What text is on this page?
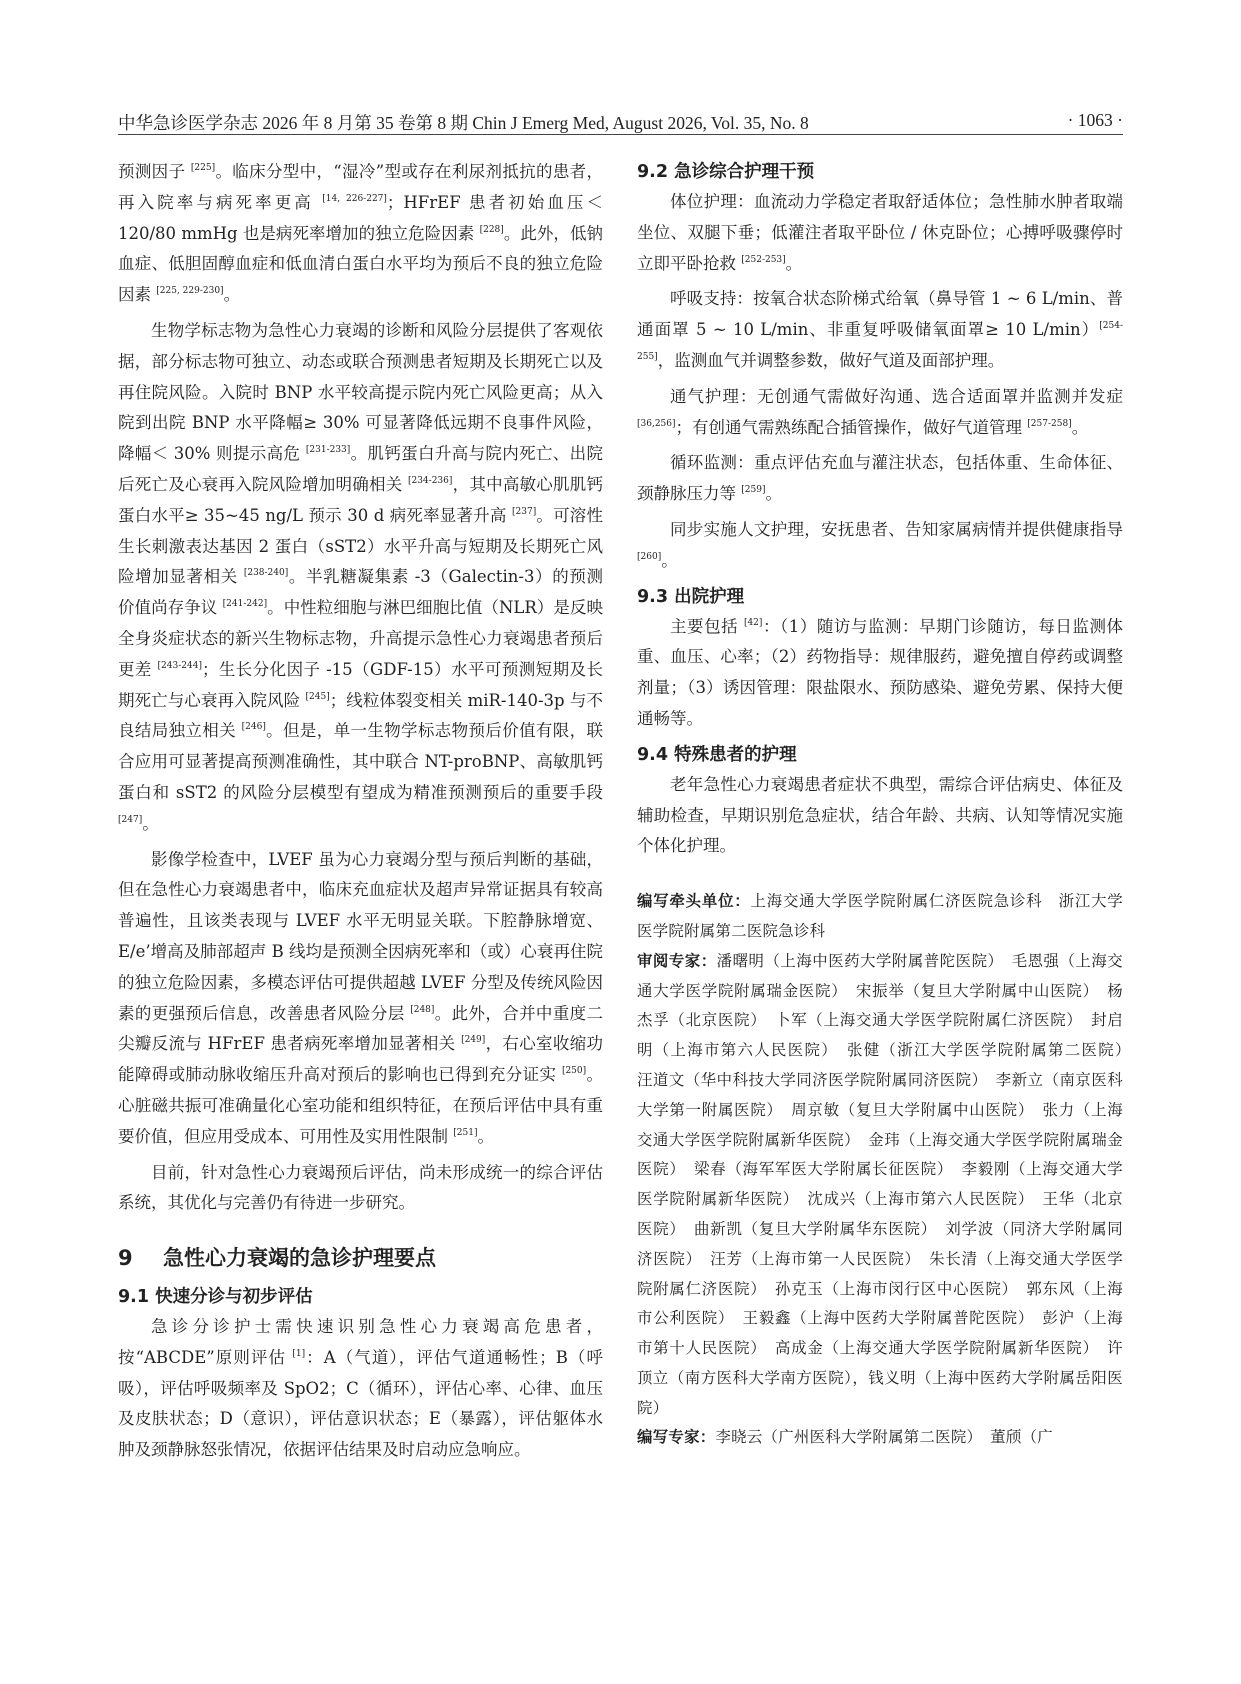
中华急诊医学杂志 2026 年 8 月第 35 卷第 8 期 Chin J Emerg Med, August 2026, Vol. 35, No. 8	· 1063 ·

预测因子 [225]。临床分型中，“湿冷”型或存在利尿剂抵抗的患者，再入院率与病死率更高 [14, 226-227]；HFrEF 患者初始血压＜ 120/80 mmHg 也是病死率增加的独立危险因素 [228]。此外，低钠血症、低胆固醇血症和低血清白蛋白水平均为预后不良的独立危险因素 [225, 229-230]。

生物学标志物为急性心力衰竭的诊断和风险分层提供了客观依据，部分标志物可独立、动态或联合预测患者短期及长期死亡以及再住院风险。入院时 BNP 水平较高提示院内死亡风险更高；从入院到出院 BNP 水平降幅≥ 30% 可显著降低远期不良事件风险，降幅＜ 30% 则提示高危 [231-233]。肌钙蛋白升高与院内死亡、出院后死亡及心衰再入院风险增加明确相关 [234-236]，其中高敏心肌肌钙蛋白水平≥ 35~45 ng/L 预示 30 d 病死率显著升高 [237]。可溶性生长刺激表达基因 2 蛋白（sST2）水平升高与短期及长期死亡风险增加显著相关 [238-240]。半乳糖凝集素 -3（Galectin-3）的预测价值尚存争议 [241-242]。中性粒细胞与淋巴细胞比值（NLR）是反映全身炎症状态的新兴生物标志物，升高提示急性心力衰竭患者预后更差 [243-244]；生长分化因子 -15（GDF-15）水平可预测短期及长期死亡与心衰再入院风险 [245]；线粒体裂变相关 miR-140-3p 与不良结局独立相关 [246]。但是，单一生物学标志物预后价值有限，联合应用可显著提高预测准确性，其中联合 NT-proBNP、高敏肌钙蛋白和 sST2 的风险分层模型有望成为精准预测预后的重要手段 [247]。

影像学检查中，LVEF 虽为心力衰竭分型与预后判断的基础，但在急性心力衰竭患者中，临床充血症状及超声异常证据具有较高普遍性，且该类表现与 LVEF 水平无明显关联。下腔静脉增宽、E/e’增高及肺部超声 B 线均是预测全因病死率和（或）心衰再住院的独立危险因素，多模态评估可提供超越 LVEF 分型及传统风险因素的更强预后信息，改善患者风险分层 [248]。此外，合并中重度二尖瓣反流与 HFrEF 患者病死率增加显著相关 [249]，右心室收缩功能障碍或肺动脉收缩压升高对预后的影响也已得到充分证实 [250]。心脏磁共振可准确量化心室功能和组织特征，在预后评估中具有重要价值，但应用受成本、可用性及实用性限制 [251]。

目前，针对急性心力衰竭预后评估，尚未形成统一的综合评估系统，其优化与完善仍有待进一步研究。

9 急性心力衰竭的急诊护理要点
9.1 快速分诊与初步评估

急诊分诊护士需快速识别急性心力衰竭高危患者，按“ABCDE”原则评估 [1]：A（气道），评估气道通畅性；B（呼吸），评估呼吸频率及 SpO2；C（循环），评估心率、心律、血压及皮肤状态；D（意识），评估意识状态；E（暴露），评估躯体水肿及颈静脉怒张情况，依据评估结果及时启动应急响应。

9.2 急诊综合护理干预

体位护理：血流动力学稳定者取舒适体位；急性肺水肿者取端坐位、双腿下垂；低灌注者取平卧位 / 休克卧位；心搏呼吸骤停时立即平卧抢救 [252-253]。

呼吸支持：按氧合状态阶梯式给氧（鼻导管 1 ~ 6 L/min、普通面罩 5 ~ 10 L/min、非重复呼吸储氧面罩≥ 10 L/min）[254-255]，监测血气并调整参数，做好气道及面部护理。

通气护理：无创通气需做好沟通、选合适面罩并监测并发症 [36,256]；有创通气需熟练配合插管操作，做好气道管理 [257-258]。

循环监测：重点评估充血与灌注状态，包括体重、生命体征、颈静脉压力等 [259]。

同步实施人文护理，安抚患者、告知家属病情并提供健康指导 [260]。

9.3 出院护理

主要包括 [42]：（1）随访与监测：早期门诊随访，每日监测体重、血压、心率；（2）药物指导：规律服药，避免擅自停药或调整剂量；（3）诱因管理：限盐限水、预防感染、避免劳累、保持大便通畅等。

9.4 特殊患者的护理

老年急性心力衰竭患者症状不典型，需综合评估病史、体征及辅助检查，早期识别危急症状，结合年龄、共病、认知等情况实施个体化护理。

编写牵头单位：上海交通大学医学院附属仁济医院急诊科　浙江大学医学院附属第二医院急诊科

审阅专家：潘曙明（上海中医药大学附属普陀医院）　毛恩强（上海交通大学医学院附属瑞金医院）　宋振举（复旦大学附属中山医院）　杨杰孚（北京医院）　卜军（上海交通大学医学院附属仁济医院）　封启明（上海市第六人民医院）　张健（浙江大学医学院附属第二医院）　汪道文（华中科技大学同济医学院附属同济医院）　李新立（南京医科大学第一附属医院）　周京敏（复旦大学附属中山医院）　张力（上海交通大学医学院附属新华医院）　金玮（上海交通大学医学院附属瑞金医院）　梁春（海军军医大学附属长征医院）　李毅刚（上海交通大学医学院附属新华医院）　沈成兴（上海市第六人民医院）　王华（北京医院）　曲新凯（复旦大学附属华东医院）　刘学波（同济大学附属同济医院）　汪芳（上海市第一人民医院）　朱长清（上海交通大学医学院附属仁济医院）　孙克玉（上海市闵行区中心医院）　郭东风（上海市公利医院）　王毅鑫（上海中医药大学附属普陀医院）　彭沪（上海市第十人民医院）　高成金（上海交通大学医学院附属新华医院）　许顶立（南方医科大学南方医院），钱义明（上海中医药大学附属岳阳医院）

编写专家：李晓云（广州医科大学附属第二医院）　董颀（广
